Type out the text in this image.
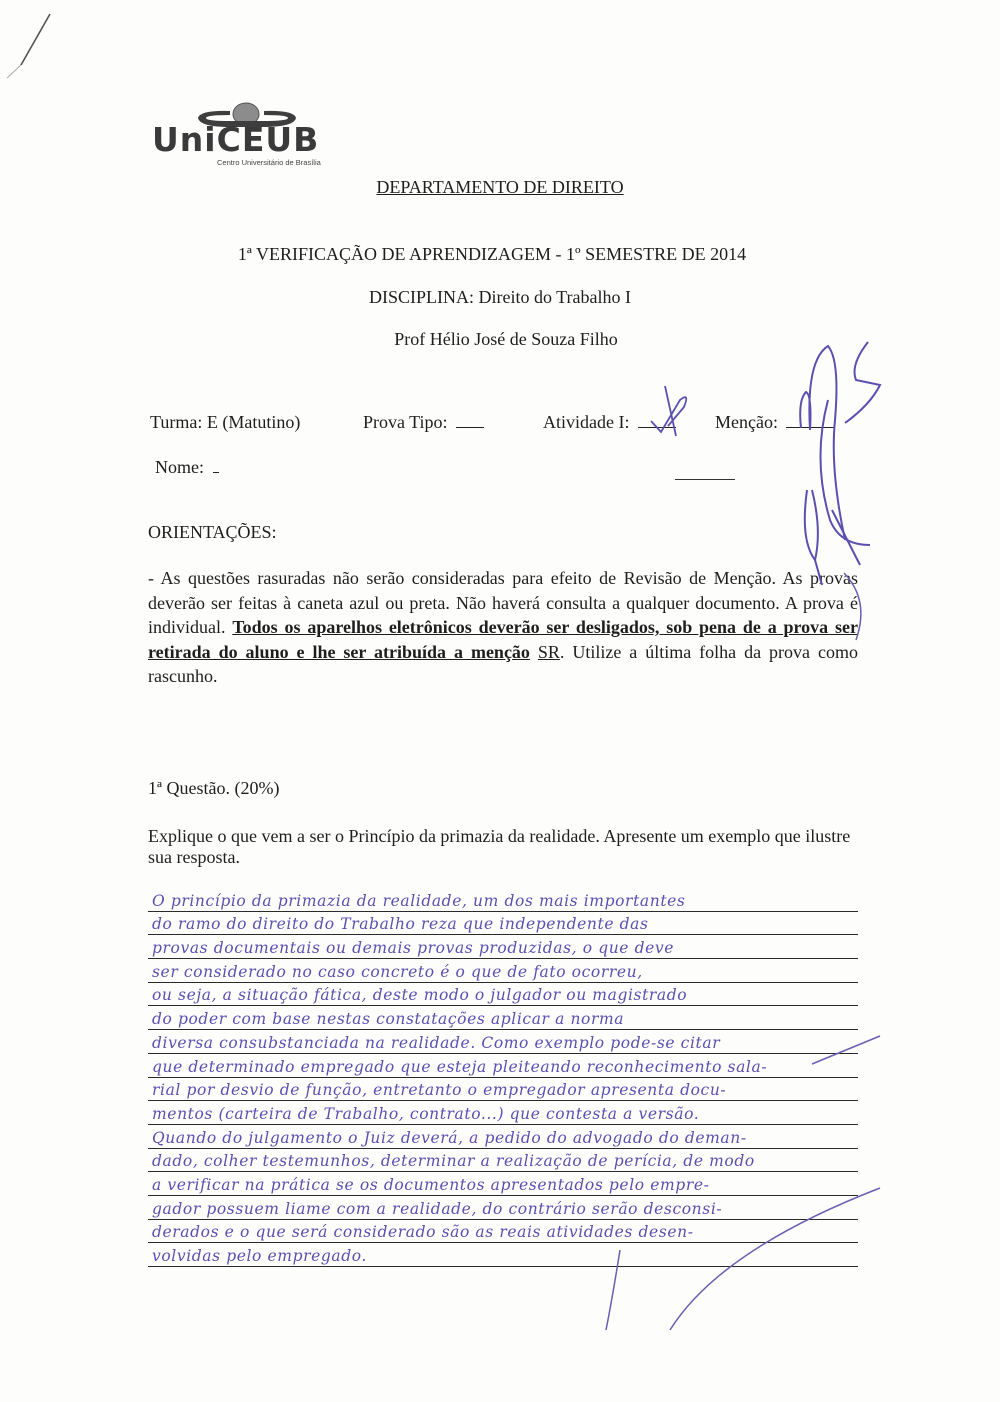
UniCEUB
Centro Universitário de Brasília
DEPARTAMENTO DE DIREITO
1ª VERIFICAÇÃO DE APRENDIZAGEM - 1º SEMESTRE DE 2014
DISCIPLINA: Direito do Trabalho I
Prof Hélio José de Souza Filho
Turma: E (Matutino)	Prova Tipo:	Atividade I:	Menção:
Nome:
ORIENTAÇÕES:
- As questões rasuradas não serão consideradas para efeito de Revisão de Menção. As provas deverão ser feitas à caneta azul ou preta. Não haverá consulta a qualquer documento. A prova é individual. Todos os aparelhos eletrônicos deverão ser desligados, sob pena de a prova ser retirada do aluno e lhe ser atribuída a menção SR. Utilize a última folha da prova como rascunho.
1ª Questão. (20%)
Explique o que vem a ser o Princípio da primazia da realidade. Apresente um exemplo que ilustre sua resposta.
O princípio da primazia da realidade, um dos mais importantes
do ramo do direito do Trabalho reza que independente das
provas documentais ou demais provas produzidas, o que deve
ser considerado no caso concreto é o que de fato ocorreu,
ou seja, a situação fática, deste modo o julgador ou magistrado
do poder com base nestas constatações aplicar a norma
diversa consubstanciada na realidade. Como exemplo pode-se citar
que determinado empregado que esteja pleiteando reconhecimento sala-
rial por desvio de função, entretanto o empregador apresenta docu-
mentos (carteira de Trabalho, contrato...) que contesta a versão.
Quando do julgamento o Juiz deverá, a pedido do advogado do deman-
dado, colher testemunhos, determinar a realização de perícia, de modo
a verificar na prática se os documentos apresentados pelo empre-
gador possuem liame com a realidade, do contrário serão desconsi-
derados e o que será considerado são as reais atividades desen-
volvidas pelo empregado.
